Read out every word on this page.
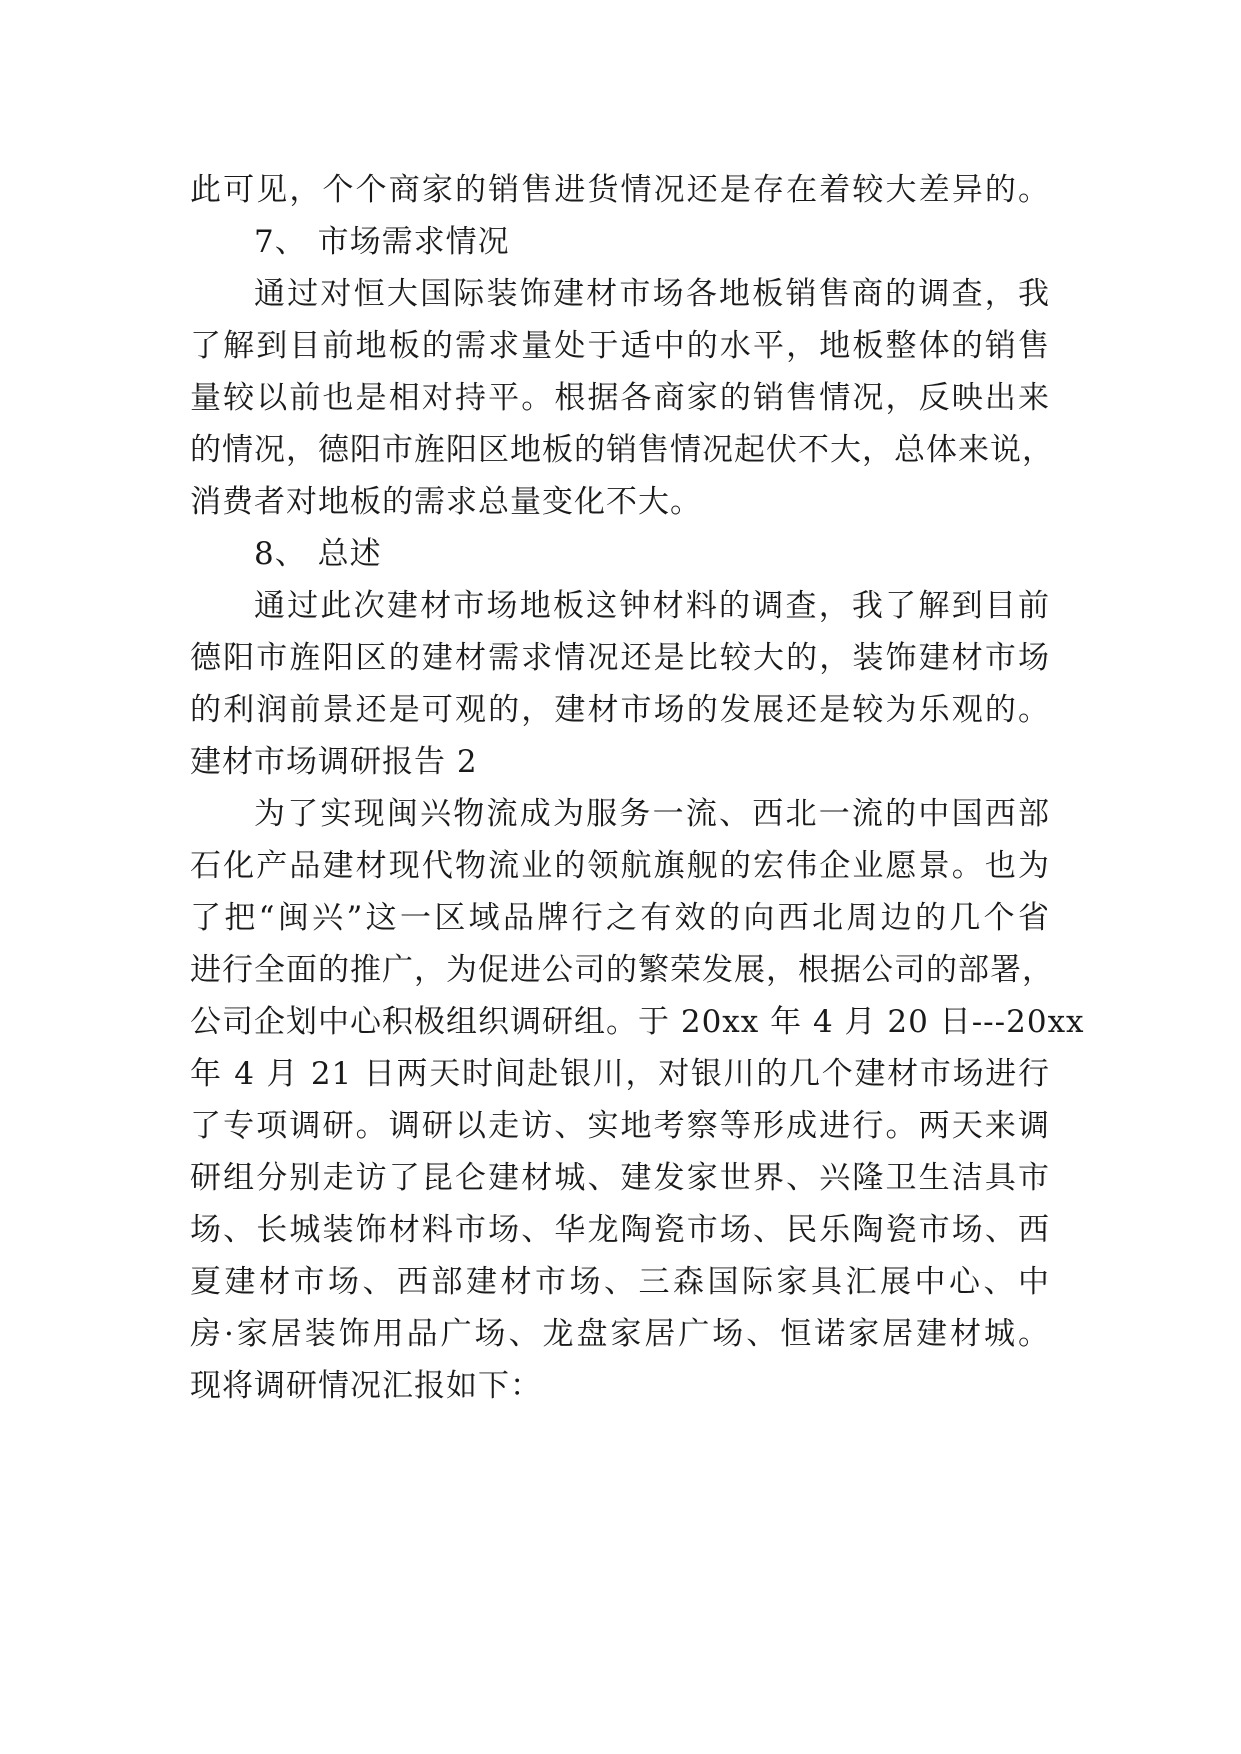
此可见，个个商家的销售进货情况还是存在着较大差异的。
7、 市场需求情况
通过对恒大国际装饰建材市场各地板销售商的调查，我
了解到目前地板的需求量处于适中的水平，地板整体的销售
量较以前也是相对持平。根据各商家的销售情况，反映出来
的情况，德阳市旌阳区地板的销售情况起伏不大，总体来说，
消费者对地板的需求总量变化不大。
8、 总述
通过此次建材市场地板这钟材料的调查，我了解到目前
德阳市旌阳区的建材需求情况还是比较大的，装饰建材市场
的利润前景还是可观的，建材市场的发展还是较为乐观的。
建材市场调研报告 2
为了实现闽兴物流成为服务一流、西北一流的中国西部
石化产品建材现代物流业的领航旗舰的宏伟企业愿景。也为
了把“闽兴”这一区域品牌行之有效的向西北周边的几个省
进行全面的推广，为促进公司的繁荣发展，根据公司的部署，
公司企划中心积极组织调研组。于 20xx 年 4 月 20 日---20xx
年 4 月 21 日两天时间赴银川，对银川的几个建材市场进行
了专项调研。调研以走访、实地考察等形成进行。两天来调
研组分别走访了昆仑建材城、建发家世界、兴隆卫生洁具市
场、长城装饰材料市场、华龙陶瓷市场、民乐陶瓷市场、西
夏建材市场、西部建材市场、三森国际家具汇展中心、中
房·家居装饰用品广场、龙盘家居广场、恒诺家居建材城。
现将调研情况汇报如下：
